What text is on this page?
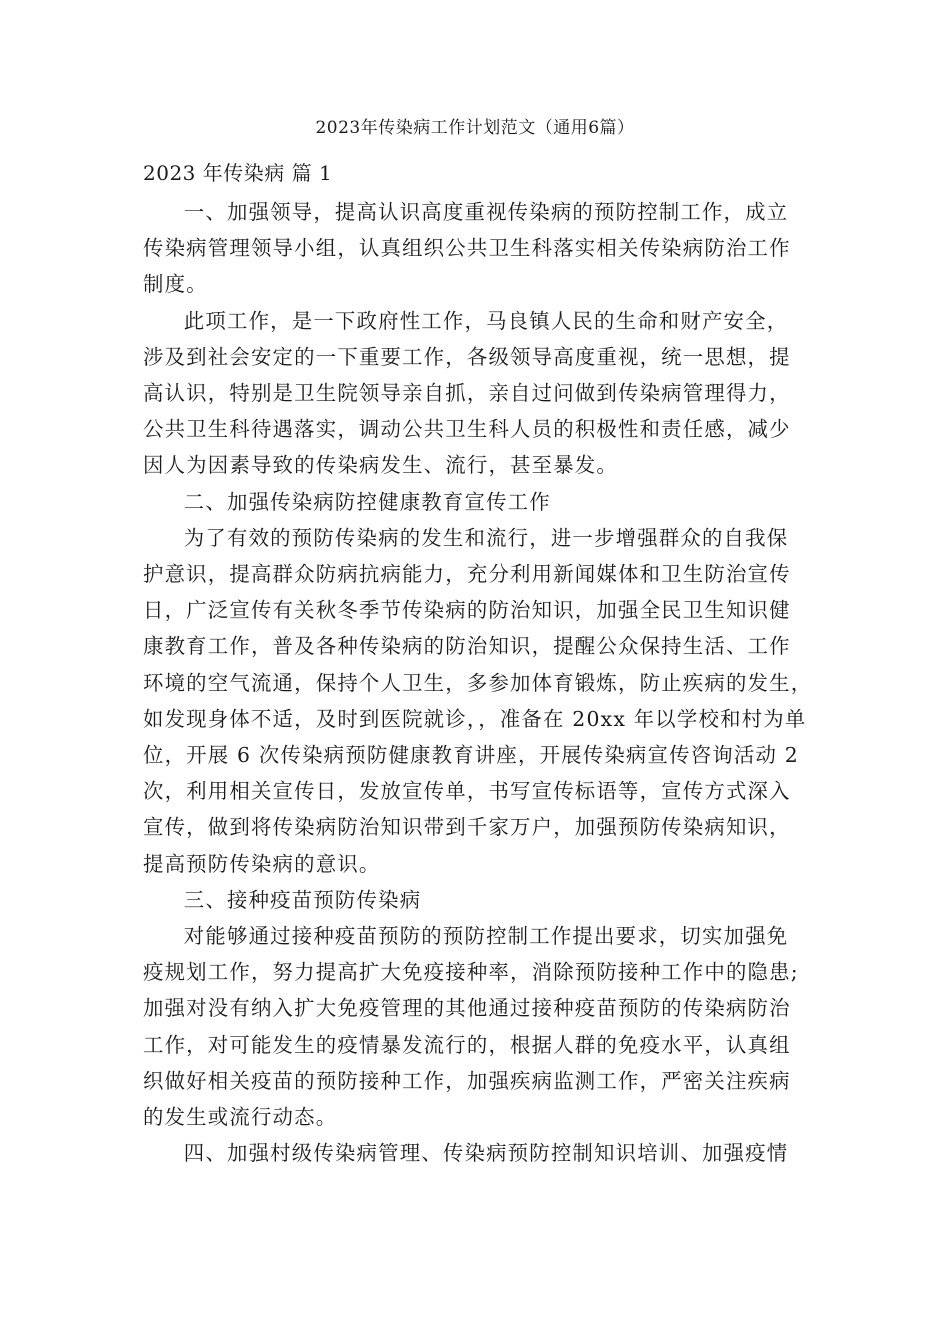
2023年传染病工作计划范文（通用6篇）
2023 年传染病 篇 1

一、加强领导，提高认识高度重视传染病的预防控制工作，成立
传染病管理领导小组，认真组织公共卫生科落实相关传染病防治工作
制度。

此项工作，是一下政府性工作，马良镇人民的生命和财产安全，
涉及到社会安定的一下重要工作，各级领导高度重视，统一思想，提
高认识，特别是卫生院领导亲自抓，亲自过问做到传染病管理得力，
公共卫生科待遇落实，调动公共卫生科人员的积极性和责任感，减少
因人为因素导致的传染病发生、流行，甚至暴发。

二、加强传染病防控健康教育宣传工作

为了有效的预防传染病的发生和流行，进一步增强群众的自我保
护意识，提高群众防病抗病能力，充分利用新闻媒体和卫生防治宣传
日，广泛宣传有关秋冬季节传染病的防治知识，加强全民卫生知识健
康教育工作，普及各种传染病的防治知识，提醒公众保持生活、工作
环境的空气流通，保持个人卫生，多参加体育锻炼，防止疾病的发生，
如发现身体不适，及时到医院就诊，，准备在 20xx 年以学校和村为单
位，开展 6 次传染病预防健康教育讲座，开展传染病宣传咨询活动 2
次，利用相关宣传日，发放宣传单，书写宣传标语等，宣传方式深入
宣传，做到将传染病防治知识带到千家万户，加强预防传染病知识，
提高预防传染病的意识。

三、接种疫苗预防传染病

对能够通过接种疫苗预防的预防控制工作提出要求，切实加强免
疫规划工作，努力提高扩大免疫接种率，消除预防接种工作中的隐患;
加强对没有纳入扩大免疫管理的其他通过接种疫苗预防的传染病防治
工作，对可能发生的疫情暴发流行的，根据人群的免疫水平，认真组
织做好相关疫苗的预防接种工作，加强疾病监测工作，严密关注疾病
的发生或流行动态。

四、加强村级传染病管理、传染病预防控制知识培训、加强疫情
